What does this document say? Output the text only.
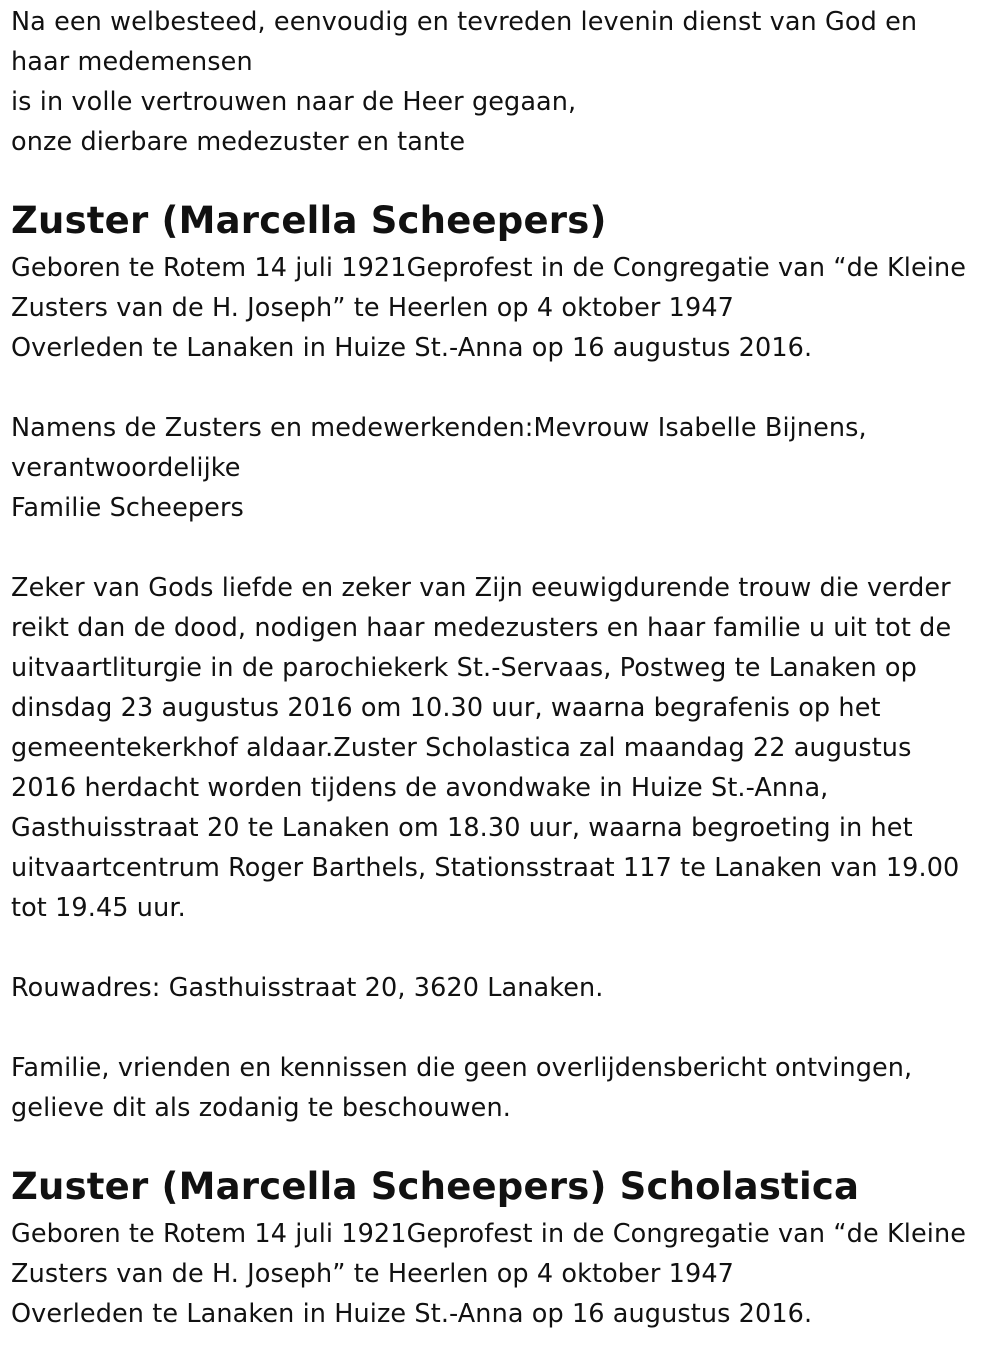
Na een welbesteed, eenvoudig en tevreden levenin dienst van God en
haar medemensen
is in volle vertrouwen naar de Heer gegaan,
onze dierbare medezuster en tante
Zuster (Marcella Scheepers)
Geboren te Rotem 14 juli 1921Geprofest in de Congregatie van “de Kleine
Zusters van de H. Joseph” te Heerlen op 4 oktober 1947
Overleden te Lanaken in Huize St.-Anna op 16 augustus 2016.
Namens de Zusters en medewerkenden:Mevrouw Isabelle Bijnens,
verantwoordelijke
Familie Scheepers
Zeker van Gods liefde en zeker van Zijn eeuwigdurende trouw die verder
reikt dan de dood, nodigen haar medezusters en haar familie u uit tot de
uitvaartliturgie in de parochiekerk St.-Servaas, Postweg te Lanaken op
dinsdag 23 augustus 2016 om 10.30 uur, waarna begrafenis op het
gemeentekerkhof aldaar.Zuster Scholastica zal maandag 22 augustus
2016 herdacht worden tijdens de avondwake in Huize St.-Anna,
Gasthuisstraat 20 te Lanaken om 18.30 uur, waarna begroeting in het
uitvaartcentrum Roger Barthels, Stationsstraat 117 te Lanaken van 19.00
tot 19.45 uur.
Rouwadres: Gasthuisstraat 20, 3620 Lanaken.
Familie, vrienden en kennissen die geen overlijdensbericht ontvingen,
gelieve dit als zodanig te beschouwen.
Zuster (Marcella Scheepers) Scholastica
Geboren te Rotem 14 juli 1921Geprofest in de Congregatie van “de Kleine
Zusters van de H. Joseph” te Heerlen op 4 oktober 1947
Overleden te Lanaken in Huize St.-Anna op 16 augustus 2016.
